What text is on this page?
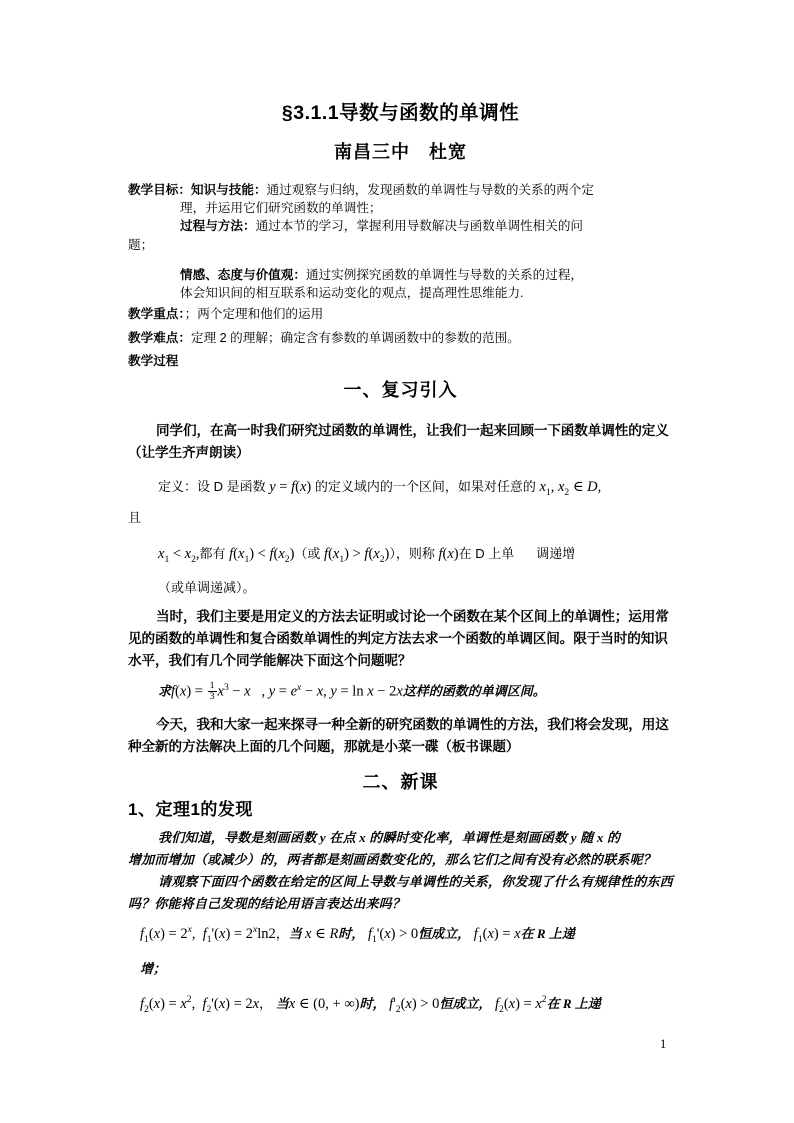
§3.1.1导数与函数的单调性
南昌三中　杜宽
教学目标：知识与技能：通过观察与归纳，发现函数的单调性与导数的关系的两个定
理，并运用它们研究函数的单调性；
过程与方法：通过本节的学习，掌握利用导数解决与函数单调性相关的问
题；
情感、态度与价值观：通过实例探究函数的单调性与导数的关系的过程，
体会知识间的相互联系和运动变化的观点，提高理性思维能力.
教学重点：；两个定理和他们的运用
教学难点：定理 2 的理解；确定含有参数的单调函数中的参数的范围。
教学过程
一、复习引入
同学们，在高一时我们研究过函数的单调性，让我们一起来回顾一下函数单调性的定义（让学生齐声朗读）
定义：设 D 是函数 y = f(x) 的定义域内的一个区间，如果对任意的 $x_1$, $x_2$ ∈ D,
且
$x_1 < x_2$,都有 $f(x_1) < f(x_2)$（或 $f(x_1) > f(x_2)$），则称 f(x)在 D 上单 调递增
（或单调递减）。
当时，我们主要是用定义的方法去证明或讨论一个函数在某个区间上的单调性；运用常见的函数的单调性和复合函数单调性的判定方法去求一个函数的单调区间。限于当时的知识水平，我们有几个同学能解决下面这个问题呢？
求$f(x) = \frac{1}{3} x^3 - x$ , $y = e^x - x$, y = ln x − 2x这样的函数的单调区间。
今天，我和大家一起来探寻一种全新的研究函数的单调性的方法，我们将会发现，用这种全新的方法解决上面的几个问题，那就是小菜一碟（板书课题）
二、新课
1、定理1的发现
我们知道，导数是刻画函数 y 在点 x 的瞬时变化率，单调性是刻画函数 y 随 x 的
增加而增加（或减少）的，两者都是刻画函数变化的，那么它们之间有没有必然的联系呢？
请观察下面四个函数在给定的区间上导数与单调性的关系，你发现了什么有规律性的东西吗？你能将自己发现的结论用语言表达出来吗？
$f_1(x) = 2^x$,  $f_1'(x) = 2^x\ln 2$，当 x ∈ R时， $f_1'(x) > 0$恒成立， $f_1(x) = x$在 R 上递
增；
$f_2(x) = x^2$,  $f_2'(x) = 2x$， 当x ∈ (0, + ∞)时， $f'_2(x) > 0$恒成立， $f_2(x) = x^2$在 R 上递
1
